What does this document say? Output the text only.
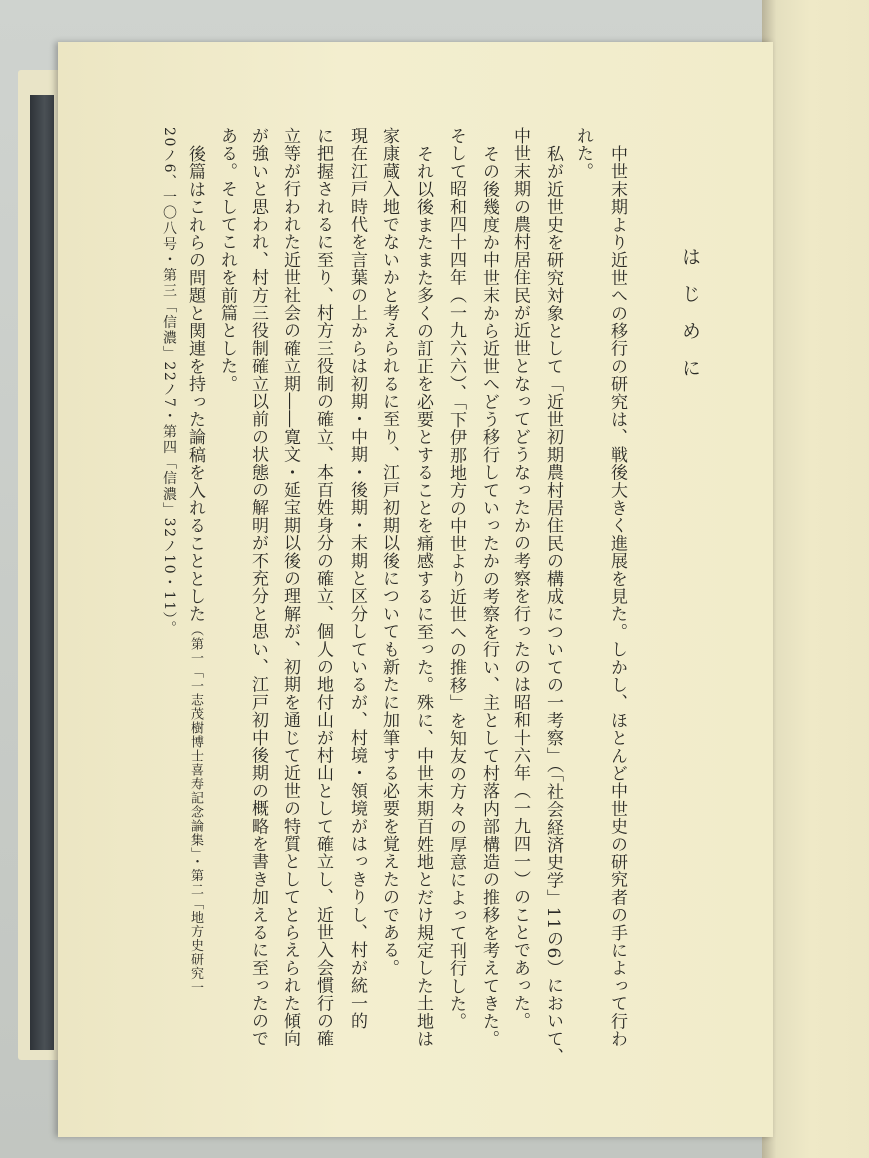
はじめに
中世末期より近世への移行の研究は、戦後大きく進展を見た。しかし、ほとんど中世史の研究者の手によって行わ
れた。
私が近世史を研究対象として「近世初期農村居住民の構成についての一考察」（「社会経済史学」11の6）において、
中世末期の農村居住民が近世となってどうなったかの考察を行ったのは昭和十六年（一九四一）のことであった。
その後幾度か中世末から近世へどう移行していったかの考察を行い、主として村落内部構造の推移を考えてきた。
そして昭和四十四年（一九六六）、「下伊那地方の中世より近世への推移」を知友の方々の厚意によって刊行した。
それ以後またまた多くの訂正を必要とすることを痛感するに至った。殊に、中世末期百姓地とだけ規定した土地は
家康蔵入地でないかと考えられるに至り、江戸初期以後についても新たに加筆する必要を覚えたのである。
現在江戸時代を言葉の上からは初期・中期・後期・末期と区分しているが、村境・領境がはっきりし、村が統一的
に把握されるに至り、村方三役制の確立、本百姓身分の確立、個人の地付山が村山として確立し、近世入会慣行の確
立等が行われた近世社会の確立期――寛文・延宝期以後の理解が、初期を通じて近世の特質としてとらえられた傾向
が強いと思われ、村方三役制確立以前の状態の解明が不充分と思い、江戸初中後期の概略を書き加えるに至ったので
ある。そしてこれを前篇とした。
後篇はこれらの問題と関連を持った論稿を入れることとした（第一「一志茂樹博士喜寿記念論集」・第二「地方史研究一
20ノ6、一〇八号・第三「信濃」22ノ7・第四「信濃」32ノ10・11）。
